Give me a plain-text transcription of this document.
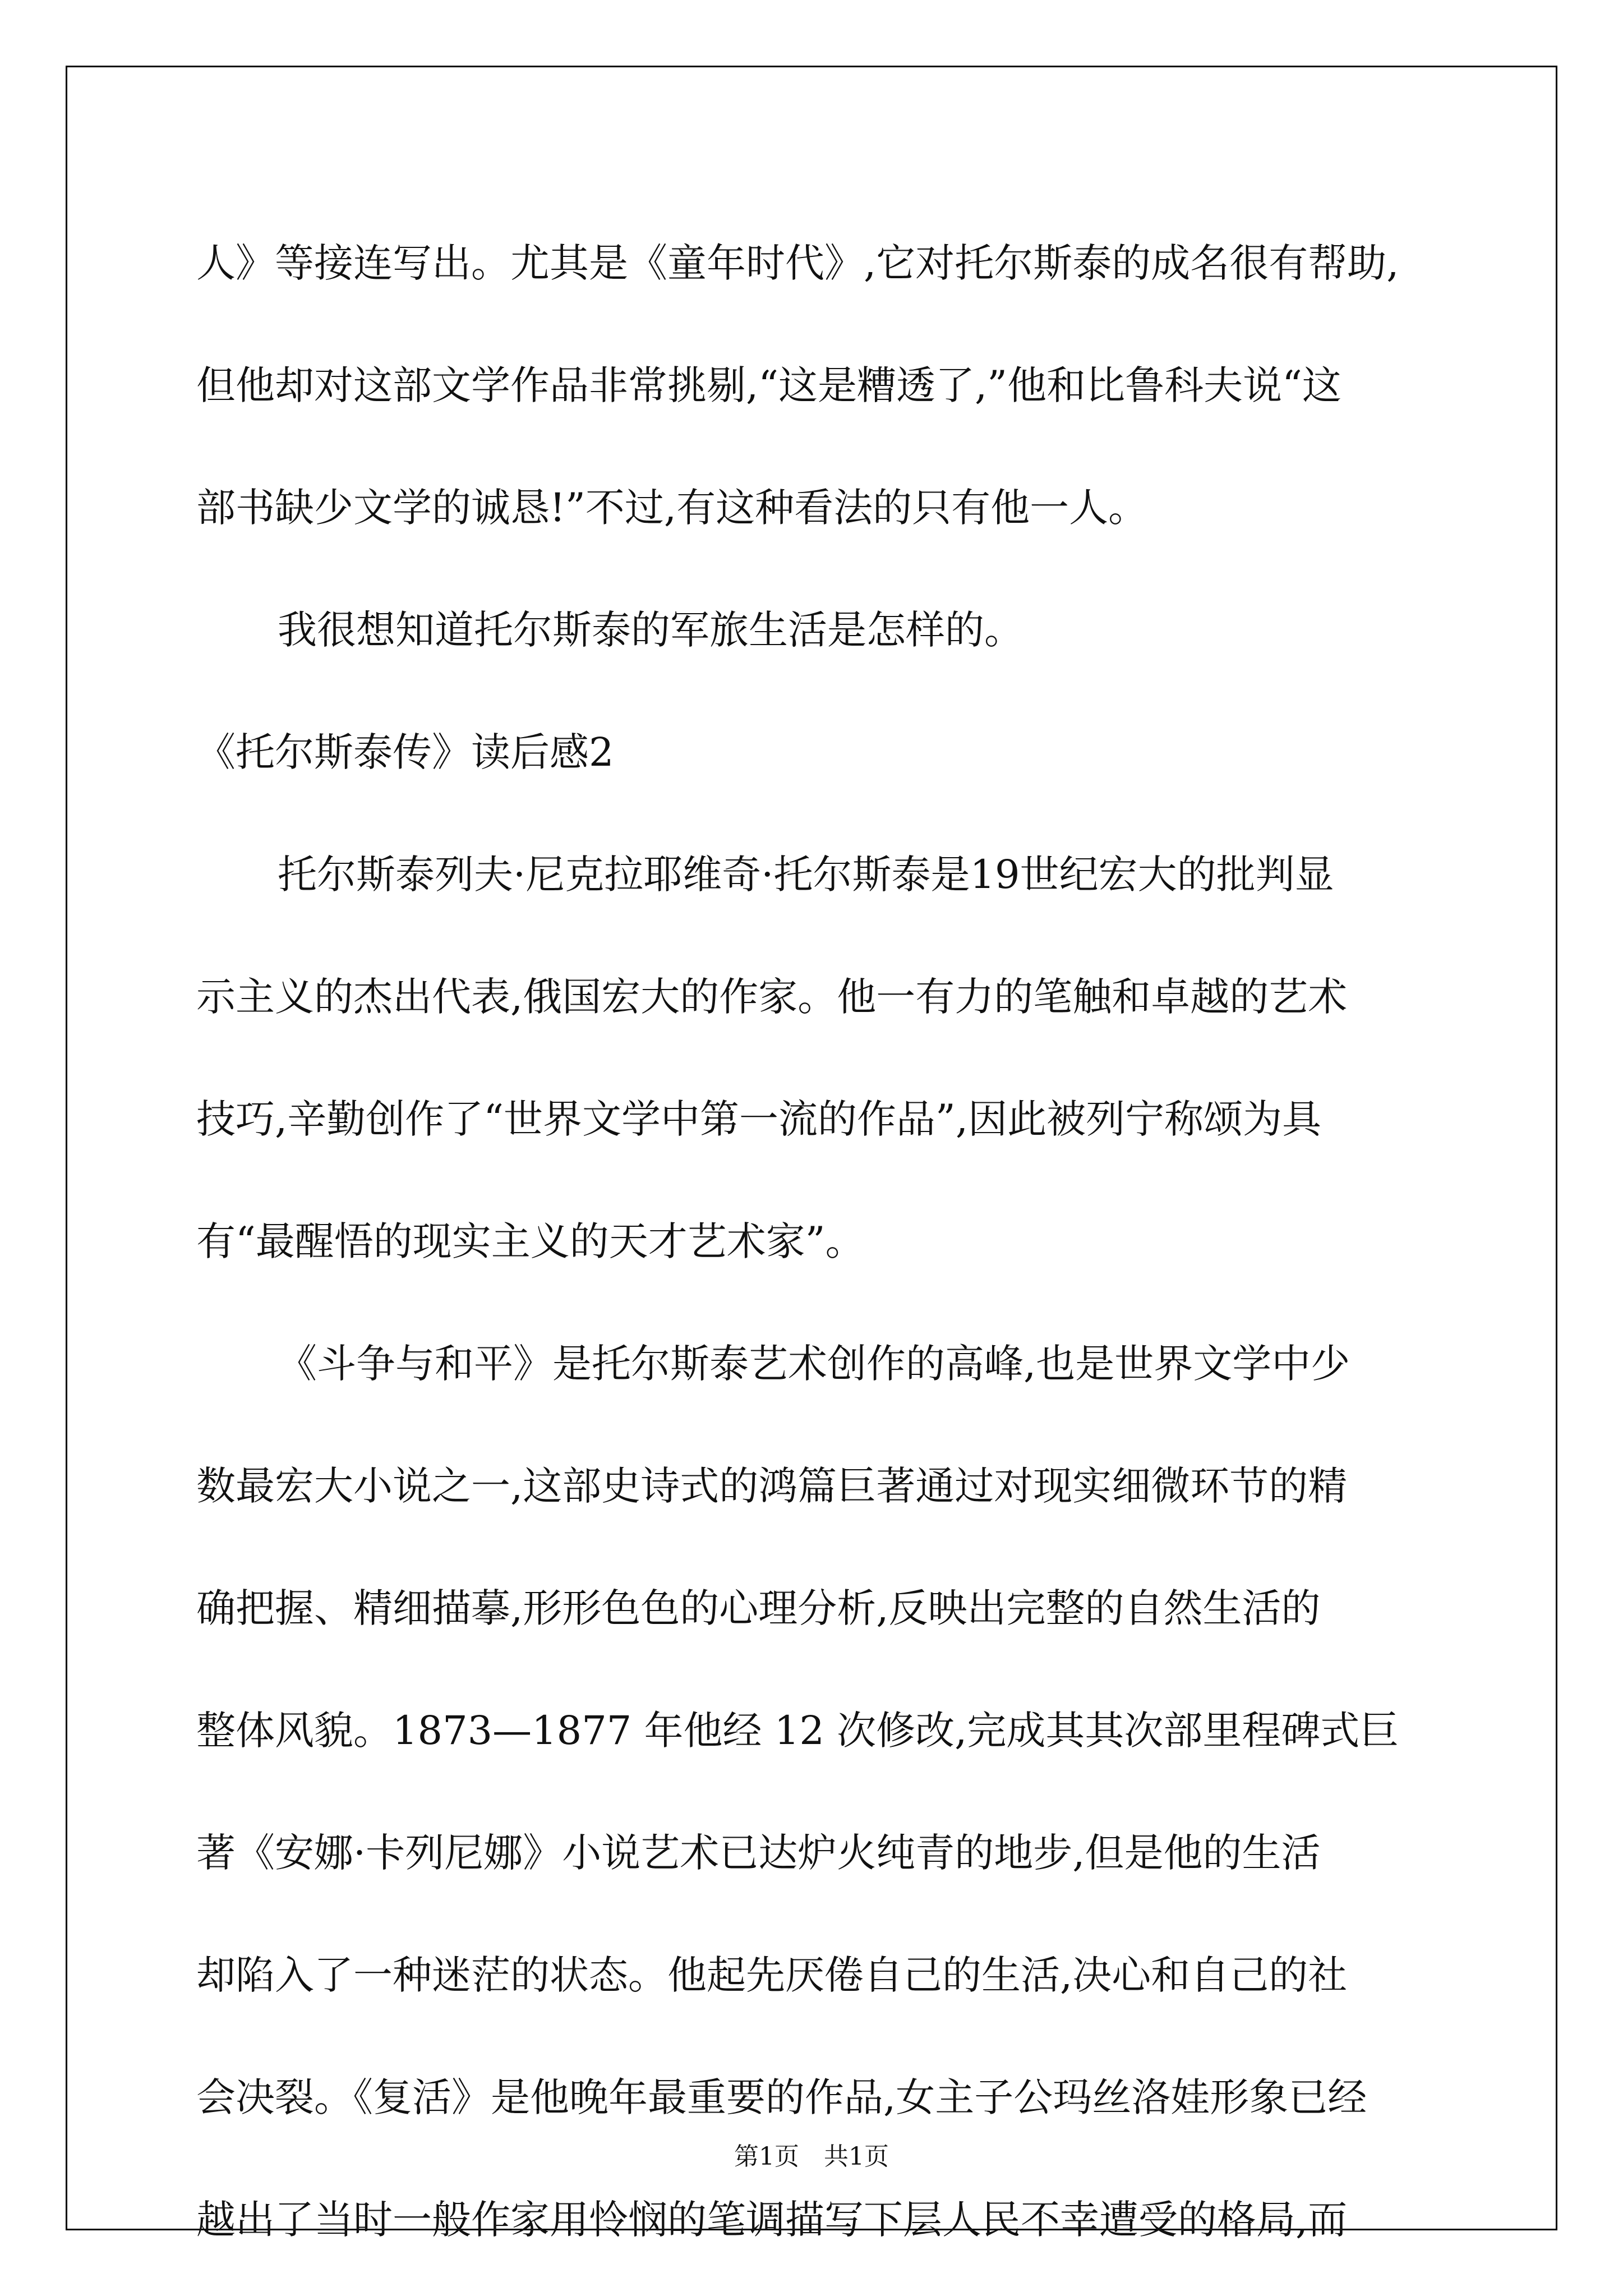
人》等接连写出。尤其是《童年时代》,它对托尔斯泰的成名很有帮助,
但他却对这部文学作品非常挑剔,“这是糟透了,”他和比鲁科夫说“这
部书缺少文学的诚恳!”不过,有这种看法的只有他一人。
我很想知道托尔斯泰的军旅生活是怎样的。
《托尔斯泰传》读后感2
托尔斯泰列夫·尼克拉耶维奇·托尔斯泰是19世纪宏大的批判显
示主义的杰出代表,俄国宏大的作家。他一有力的笔触和卓越的艺术
技巧,辛勤创作了“世界文学中第一流的作品”,因此被列宁称颂为具
有“最醒悟的现实主义的天才艺术家”。
《斗争与和平》是托尔斯泰艺术创作的高峰,也是世界文学中少
数最宏大小说之一,这部史诗式的鸿篇巨著通过对现实细微环节的精
确把握、精细描摹,形形色色的心理分析,反映出完整的自然生活的
整体风貌。1873—1877 年他经 12 次修改,完成其其次部里程碑式巨
著《安娜·卡列尼娜》小说艺术已达炉火纯青的地步,但是他的生活
却陷入了一种迷茫的状态。他起先厌倦自己的生活,决心和自己的社
会决裂。《复活》是他晚年最重要的作品,女主子公玛丝洛娃形象已经
越出了当时一般作家用怜悯的笔调描写下层人民不幸遭受的格局,而
第1页　共1页
